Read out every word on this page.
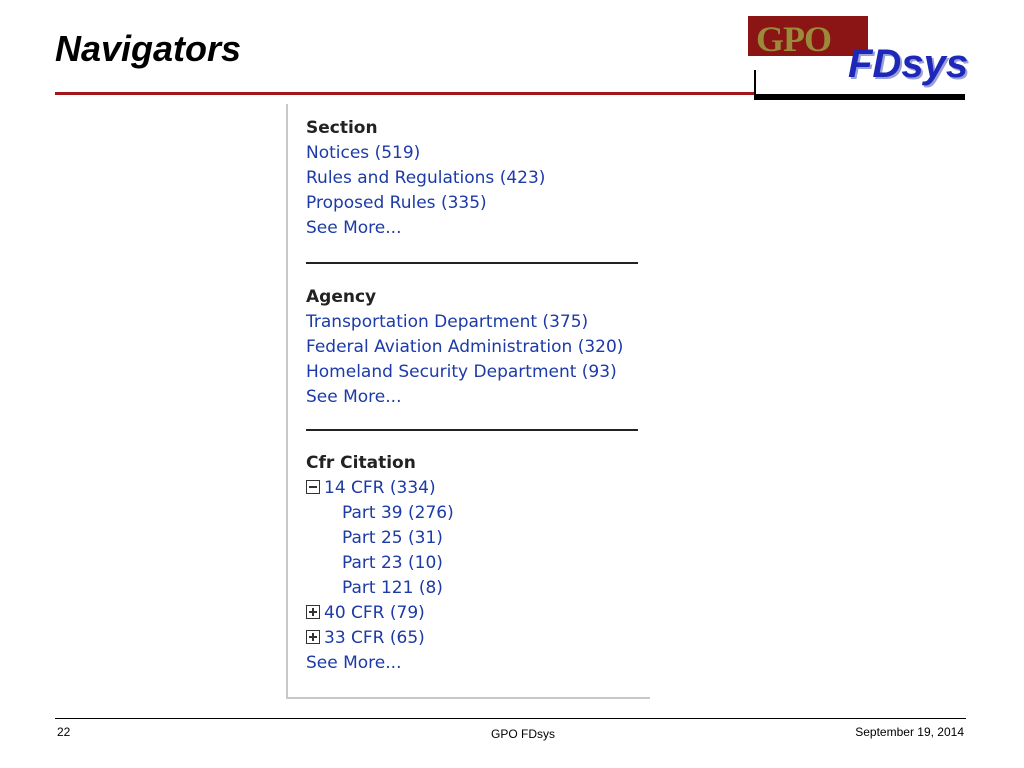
Navigators	GPO
FDsys
Section
Notices (519)
Rules and Regulations (423)
Proposed Rules (335)
See More...
Agency
Transportation Department (375)
Federal Aviation Administration (320)
Homeland Security Department (93)
See More...
Cfr Citation
14 CFR (334)
Part 39 (276)
Part 25 (31)
Part 23 (10)
Part 121 (8)
40 CFR (79)
33 CFR (65)
See More...
22	GPO FDsys	September 19, 2014
